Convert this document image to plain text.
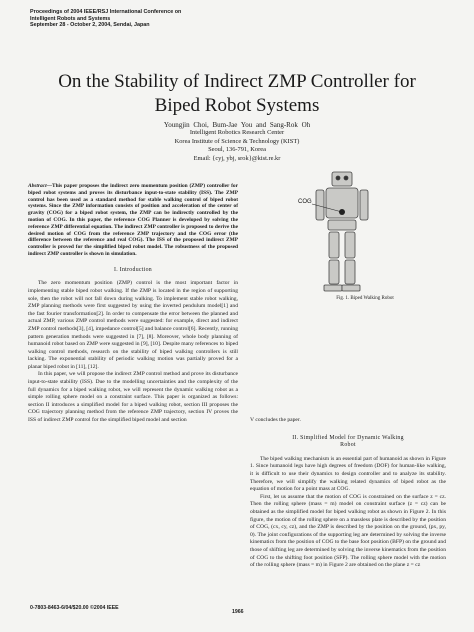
Proceedings of 2004 IEEE/RSJ International Conference on
Intelligent Robots and Systems
September 28 - October 2, 2004, Sendai, Japan
On the Stability of Indirect ZMP Controller for
Biped Robot Systems
Youngjin Choi, Bum-Jae You and Sang-Rok Oh
Intelligent Robotics Research Center
Korea Institute of Science & Technology (KIST)
Seoul, 136-791, Korea
Email: {cyj, ybj, srok}@kist.re.kr
Abstract—This paper proposes the indirect zero momentum position (ZMP) controller for biped robot systems and proves its disturbance input-to-state stability (ISS). The ZMP control has been used as a standard method for stable walking control of biped robot systems. Since the ZMP information consists of position and acceleration of the center of gravity (COG) for a biped robot system, the ZMP can be indirectly controlled by the motion of COG. In this paper, the reference COG Planner is developed by solving the reference ZMP differential equation. The indirect ZMP controller is proposed to derive the desired motion of COG from the reference ZMP trajectory and the COG error (the difference between the reference and real COG). The ISS of the proposed indirect ZMP controller is proved for the simplified biped robot model. The robustness of the proposed indirect ZMP controller is shown in simulation.
I. Introduction

The zero momentum position (ZMP) control is the most important factor in implementing stable biped robot walking. If the ZMP is located in the region of supporting sole, then the robot will not fall down during walking. To implement stable robot walking, ZMP planning methods were first suggested by using the inverted pendulum model[1] and the fast fourier transformation[2]. In order to compensate the error between the planned and actual ZMP, various ZMP control methods were suggested: for example, direct and indirect ZMP control methods[3], [4], impedance control[5] and balance control[6]. Recently, running pattern generation methods were suggested in [7], [8]. Moreover, whole body planning of humanoid robot based on ZMP were suggested in [9], [10]. Despite many references to biped walking control methods, research on the stability of biped walking controllers is still lacking. The exponential stability of periodic walking motion was partially proved for a planar biped robot in [11], [12].

In this paper, we will propose the indirect ZMP control method and prove its disturbance input-to-state stability (ISS). Due to the modelling uncertainties and the complexity of the full dynamics for a biped walking robot, we will represent the dynamic walking robot as a simple rolling sphere model on a constraint surface. This paper is organized as follows: section II introduces a simplified model for a biped walking robot, section III proposes the COG trajectory planning method from the reference ZMP trajectory, section IV proves the ISS of indirect ZMP control for the simplified biped model and section

COG
Fig. 1. Biped Walking Robot

V concludes the paper.

II. Simplified Model for Dynamic Walking
Robot

The biped walking mechanism is an essential part of humanoid as shown in Figure 1. Since humanoid legs have high degrees of freedom (DOF) for human-like walking, it is difficult to use their dynamics to design controller and to analyze its stability. Therefore, we will simplify the walking related dynamics of biped robot as the equation of motion for a point mass at COG.

First, let us assume that the motion of COG is constrained on the surface z = cz. Then the rolling sphere (mass = m) model on constraint surface (z = cz) can be obtained as the simplified model for biped walking robot as shown in Figure 2. In this figure, the motion of the rolling sphere on a massless plate is described by the position of COG, (cx, cy, cz), and the ZMP is described by the position on the ground, (px, py, 0). The joint configurations of the supporting leg are determined by solving the inverse kinematics from the position of COG to the base foot position (BFP) on the ground and those of shifting leg are determined by solving the inverse kinematics from the position of COG to the shifting foot position (SFP). The rolling sphere model with the motion of the rolling sphere (mass = m) in Figure 2 are obtained on the plane z = cz

0-7803-8463-6/04/$20.00 ©2004 IEEE
1966
